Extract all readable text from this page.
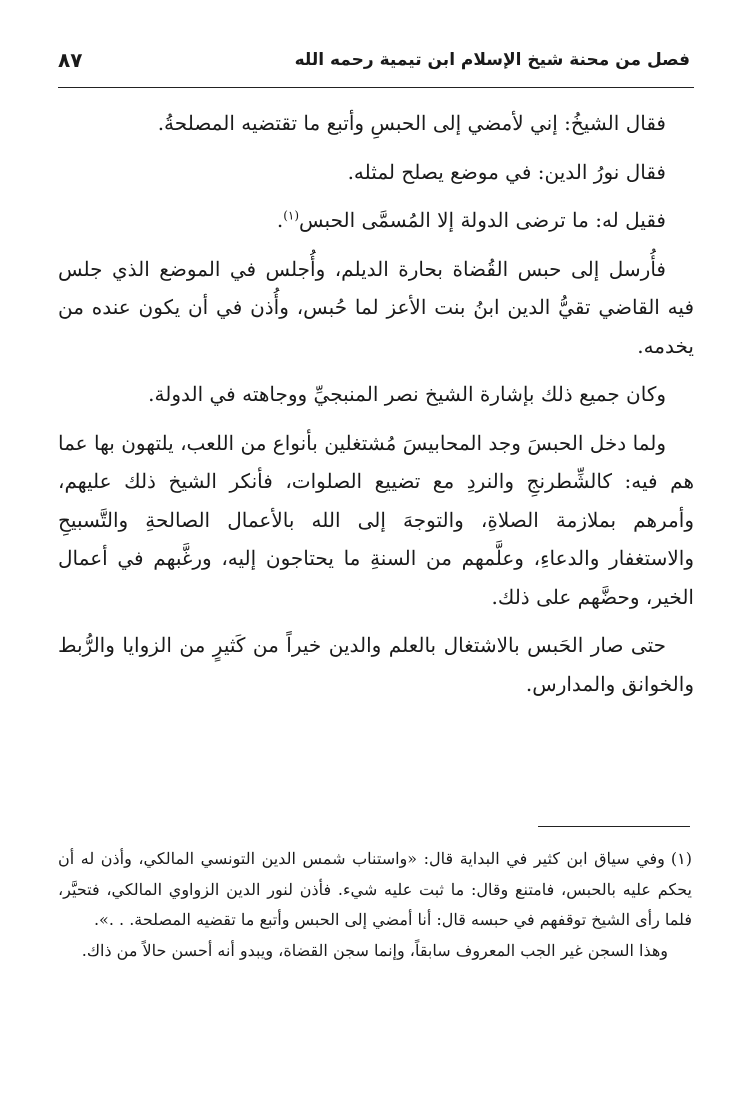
فصل من محنة شيخ الإسلام ابن تيمية رحمه الله
٨٧

فقال الشيخُ: إني لأمضي إلى الحبسِ وأتبع ما تقتضيه المصلحةُ.

فقال نورُ الدين: في موضع يصلح لمثله.

فقيل له: ما ترضى الدولة إلا المُسمَّى الحبس$^{(١)}$.

فأُرسل إلى حبس القُضاة بحارة الديلم، وأُجلس في الموضع الذي جلس فيه القاضي تقيُّ الدين ابنُ بنت الأعز لما حُبس، وأُذن في أن يكون عنده من يخدمه.

وكان جميع ذلك بإشارة الشيخ نصر المنبجيِّ ووجاهته في الدولة.

ولما دخل الحبسَ وجد المحابيسَ مُشتغلين بأنواع من اللعب، يلتهون بها عما هم فيه: كالشِّطرنجِ والنردِ مع تضييع الصلوات، فأنكر الشيخ ذلك عليهم، وأمرهم بملازمة الصلاةِ، والتوجهَ إلى الله بالأعمال الصالحةِ والتَّسبيحِ والاستغفار والدعاءِ، وعلَّمهم من السنةِ ما يحتاجون إليه، ورغَّبهم في أعمال الخير، وحضَّهم على ذلك.

حتى صار الحَبس بالاشتغال بالعلم والدين خيراً من كَثيرٍ من الزوايا والرُّبط والخوانق والمدارس.

(١)وفي سياق ابن كثير في البداية قال: «واستناب شمس الدين التونسي المالكي، وأذن له أن يحكم عليه بالحبس، فامتنع وقال: ما ثبت عليه شيء. فأذن لنور الدين الزواوي المالكي، فتحيَّر، فلما رأى الشيخ توقفهم في حبسه قال: أنا أمضي إلى الحبس وأتبع ما تقضيه المصلحة. . .».

وهذا السجن غير الجب المعروف سابقاً، وإنما سجن القضاة، ويبدو أنه أحسن حالاً من ذاك.
